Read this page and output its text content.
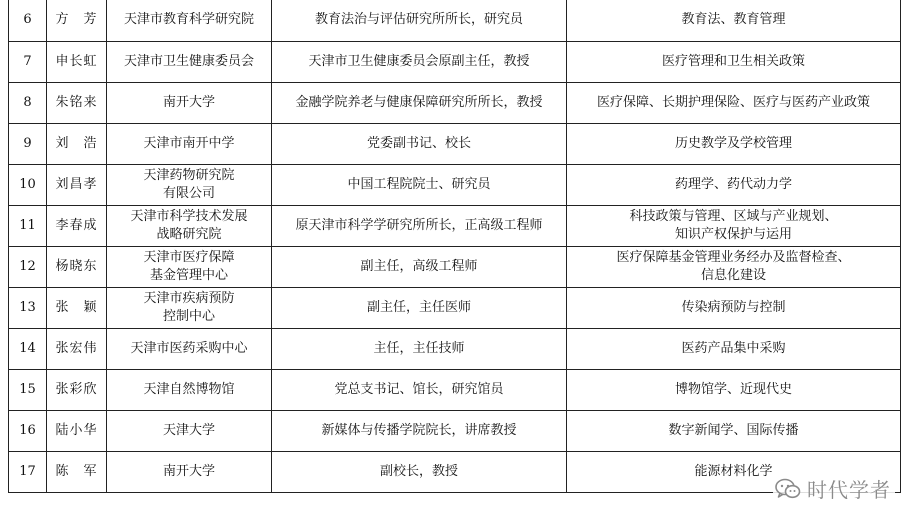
6	方　芳	天津市教育科学研究院	教育法治与评估研究所所长，研究员	教育法、教育管理

7	申长虹	天津市卫生健康委员会	天津市卫生健康委员会原副主任，教授	医疗管理和卫生相关政策

8	朱铭来	南开大学	金融学院养老与健康保障研究所所长，教授	医疗保障、长期护理保险、医疗与医药产业政策

9	刘　浩	天津市南开中学	党委副书记、校长	历史教学及学校管理

10	刘昌孝	天津药物研究院
有限公司	中国工程院院士、研究员	药理学、药代动力学

11	李春成	天津市科学技术发展
战略研究院	原天津市科学学研究所所长，正高级工程师	科技政策与管理、区域与产业规划、
知识产权保护与运用

12	杨晓东	天津市医疗保障
基金管理中心	副主任，高级工程师	医疗保障基金管理业务经办及监督检查、
信息化建设

13	张　颖	天津市疾病预防
控制中心	副主任，主任医师	传染病预防与控制

14	张宏伟	天津市医药采购中心	主任，主任技师	医药产品集中采购

15	张彩欣	天津自然博物馆	党总支书记、馆长，研究馆员	博物馆学、近现代史

16	陆小华	天津大学	新媒体与传播学院院长，讲席教授	数字新闻学、国际传播

17	陈　军	南开大学	副校长，教授	能源材料化学
时代学者
